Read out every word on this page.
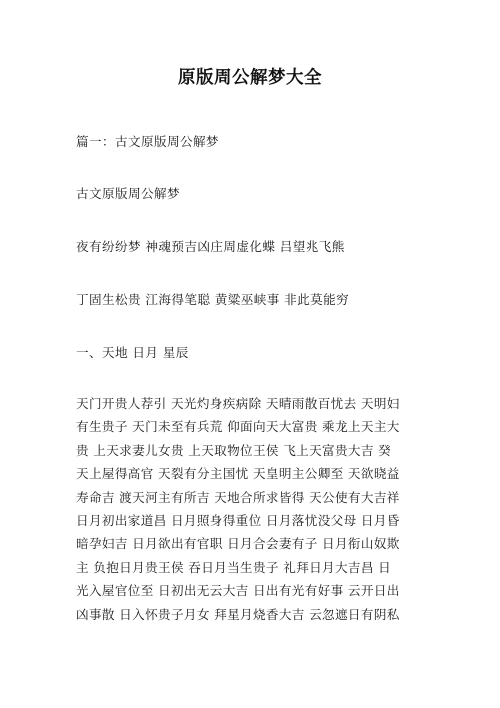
原版周公解梦大全
篇一：古文原版周公解梦
古文原版周公解梦
夜有纷纷梦 神魂预吉凶庄周虚化蝶 吕望兆飞熊
丁固生松贵 江海得笔聪 黄粱巫峡事 非此莫能穷
一、天地 日月 星辰
天门开贵人荐引 天光灼身疾病除 天晴雨散百忧去 天明妇
有生贵子 天门未至有兵荒 仰面向天大富贵 乘龙上天主大
贵 上天求妻儿女贵 上天取物位王侯 飞上天富贵大吉 癸
天上屋得高官 天裂有分主国忧 天皇明主公卿至 天欲晓益
寿命吉 渡天河主有所吉 天地合所求皆得 天公使有大吉祥
日月初出家道昌 日月照身得重位 日月落忧没父母 日月昏
暗孕妇吉 日月欲出有官职 日月合会妻有子 日月衔山奴欺
主 负抱日月贵王侯 吞日月当生贵子 礼拜日月大吉昌 日
光入屋官位至 日初出无云大吉 日出有光有好事 云开日出
凶事散 日入怀贵子月女 拜星月烧香大吉 云忽遮日有阴私
